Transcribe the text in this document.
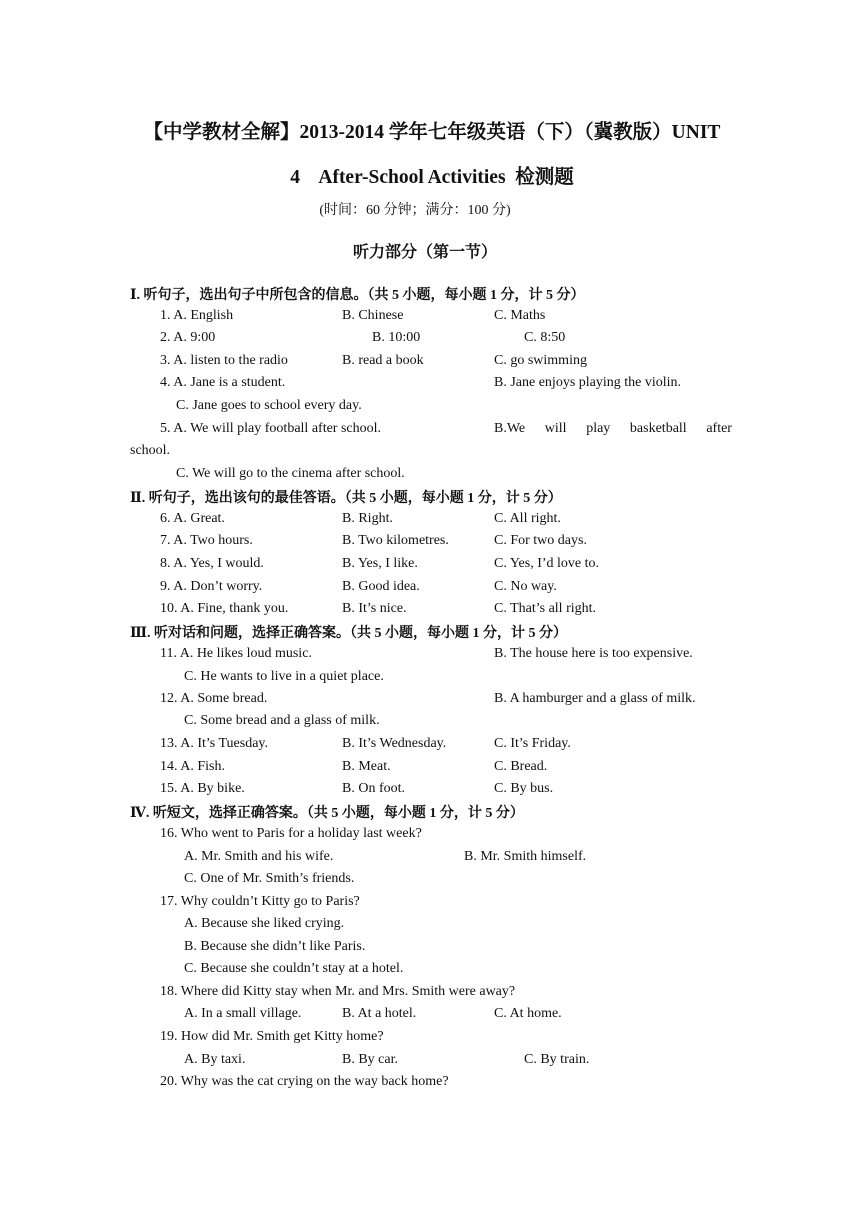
【中学教材全解】2013-2014 学年七年级英语（下）（冀教版）UNIT
4    After-School Activities  检测题
(时间：60 分钟；满分：100 分)
听力部分（第一节）
Ⅰ. 听句子，选出句子中所包含的信息。（共 5 小题，每小题 1 分，计 5 分）
1. A. English	B. Chinese	C. Maths
2. A. 9:00	B. 10:00	C. 8:50
3. A. listen to the radio	B. read a book	C. go swimming
4. A. Jane is a student.	B. Jane enjoys playing the violin.
C. Jane goes to school every day.
5. A. We will play football after school.	B.We will play basketball after
school.
C. We will go to the cinema after school.
Ⅱ. 听句子，选出该句的最佳答语。（共 5 小题，每小题 1 分，计 5 分）
6. A. Great.	B. Right.	C. All right.
7. A. Two hours.	B. Two kilometres.	C. For two days.
8. A. Yes, I would.	B. Yes, I like.	C. Yes, I’d love to.
9. A. Don’t worry.	B. Good idea.	C. No way.
10. A. Fine, thank you.	B. It’s nice.	C. That’s all right.
Ⅲ. 听对话和问题，选择正确答案。（共 5 小题，每小题 1 分，计 5 分）
11. A. He likes loud music.	B. The house here is too expensive.
C. He wants to live in a quiet place.
12. A. Some bread.	B. A hamburger and a glass of milk.
C. Some bread and a glass of milk.
13. A. It’s Tuesday.	B. It’s Wednesday.	C. It’s Friday.
14. A. Fish.	B. Meat.	C. Bread.
15. A. By bike.	B. On foot.	C. By bus.
Ⅳ. 听短文，选择正确答案。（共 5 小题，每小题 1 分，计 5 分）
16. Who went to Paris for a holiday last week?
A. Mr. Smith and his wife.	B. Mr. Smith himself.
C. One of Mr. Smith’s friends.
17. Why couldn’t Kitty go to Paris?
A. Because she liked crying.
B. Because she didn’t like Paris.
C. Because she couldn’t stay at a hotel.
18. Where did Kitty stay when Mr. and Mrs. Smith were away?
A. In a small village.	B. At a hotel.	C. At home.
19. How did Mr. Smith get Kitty home?
A. By taxi.	B. By car.	C. By train.
20. Why was the cat crying on the way back home?
